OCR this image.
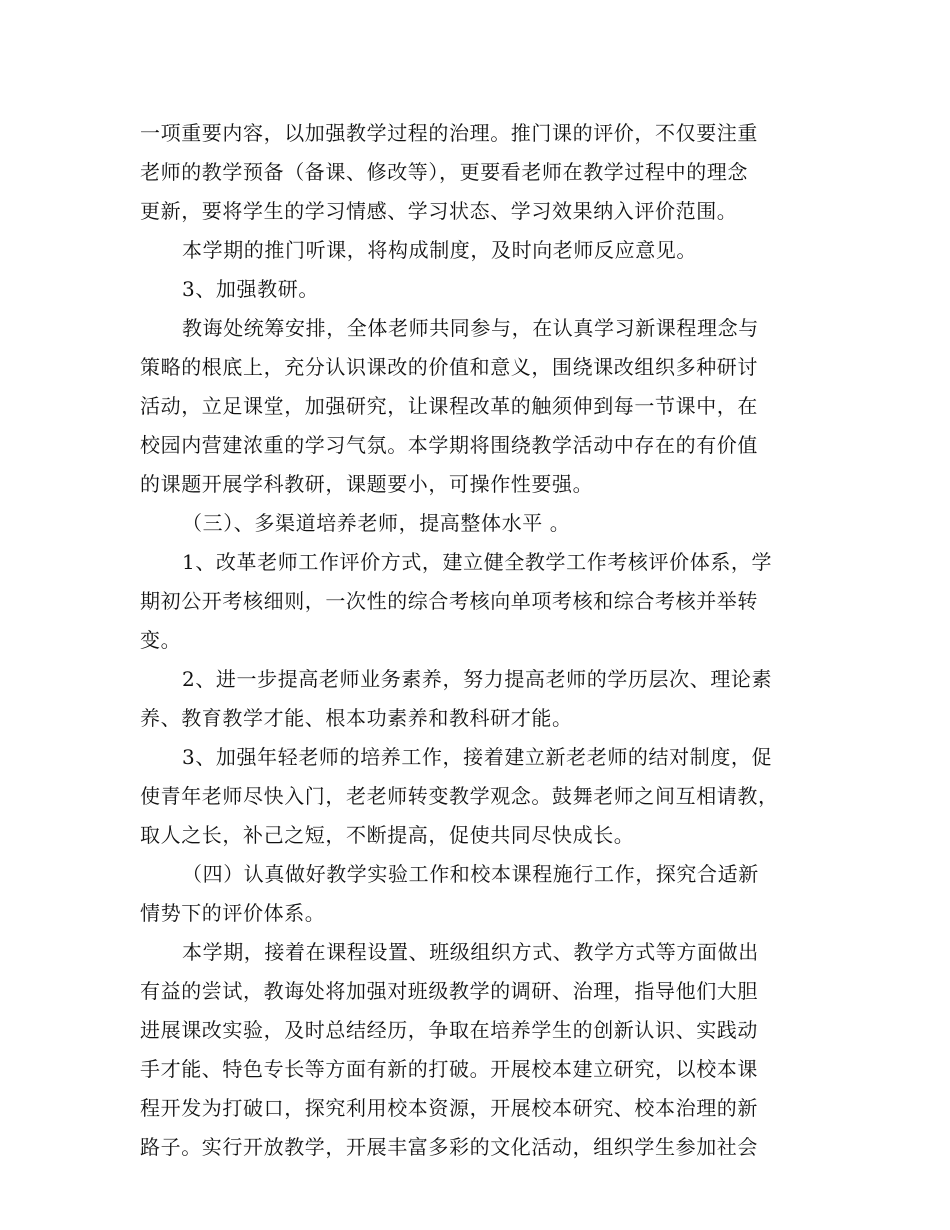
一项重要内容，以加强教学过程的治理。推门课的评价，不仅要注重
老师的教学预备（备课、修改等），更要看老师在教学过程中的理念
更新，要将学生的学习情感、学习状态、学习效果纳入评价范围。
本学期的推门听课，将构成制度，及时向老师反应意见。
3、加强教研。
教诲处统筹安排，全体老师共同参与，在认真学习新课程理念与
策略的根底上，充分认识课改的价值和意义，围绕课改组织多种研讨
活动，立足课堂，加强研究，让课程改革的触须伸到每一节课中，在
校园内营建浓重的学习气氛。本学期将围绕教学活动中存在的有价值
的课题开展学科教研，课题要小，可操作性要强。
（三）、多渠道培养老师，提高整体水平 。
1、改革老师工作评价方式，建立健全教学工作考核评价体系，学
期初公开考核细则，一次性的综合考核向单项考核和综合考核并举转
变。
2、进一步提高老师业务素养，努力提高老师的学历层次、理论素
养、教育教学才能、根本功素养和教科研才能。
3、加强年轻老师的培养工作，接着建立新老老师的结对制度，促
使青年老师尽快入门，老老师转变教学观念。鼓舞老师之间互相请教，
取人之长，补己之短，不断提高，促使共同尽快成长。
（四）认真做好教学实验工作和校本课程施行工作，探究合适新
情势下的评价体系。
本学期，接着在课程设置、班级组织方式、教学方式等方面做出
有益的尝试，教诲处将加强对班级教学的调研、治理，指导他们大胆
进展课改实验，及时总结经历，争取在培养学生的创新认识、实践动
手才能、特色专长等方面有新的打破。开展校本建立研究，以校本课
程开发为打破口，探究利用校本资源，开展校本研究、校本治理的新
路子。实行开放教学，开展丰富多彩的文化活动，组织学生参加社会
